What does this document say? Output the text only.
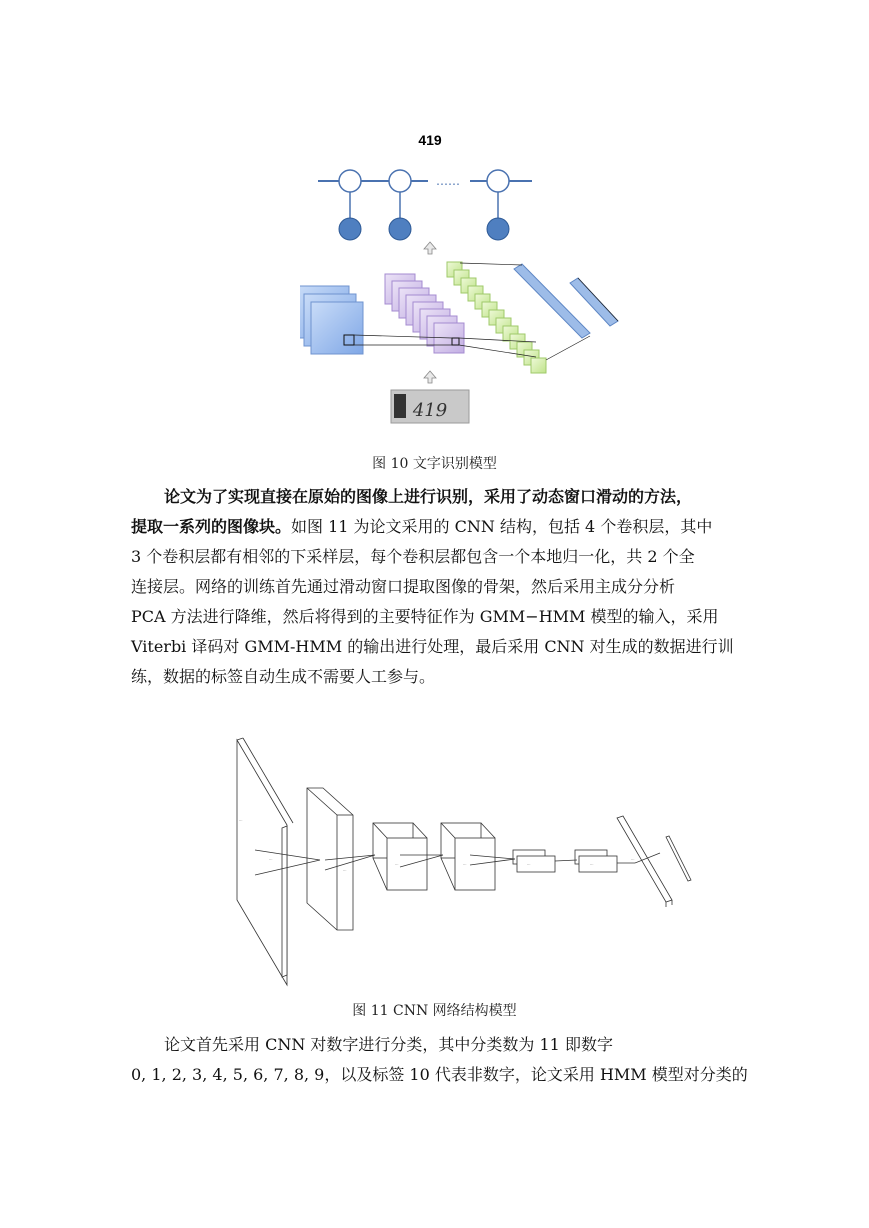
419
……
419
图 10 文字识别模型
论文为了实现直接在原始的图像上进行识别，采用了动态窗口滑动的方法，
提取一系列的图像块。如图 11 为论文采用的 CNN 结构，包括 4 个卷积层，其中
3 个卷积层都有相邻的下采样层，每个卷积层都包含一个本地归一化，共 2 个全
连接层。网络的训练首先通过滑动窗口提取图像的骨架，然后采用主成分分析
PCA 方法进行降维，然后将得到的主要特征作为 GMM−HMM 模型的输入，采用
Viterbi 译码对 GMM-HMM 的输出进行处理，最后采用 CNN 对生成的数据进行训
练，数据的标签自动生成不需要人工参与。
…
…
…
…	…	…	…
…
图 11 CNN 网络结构模型
论文首先采用 CNN 对数字进行分类，其中分类数为 11 即数字
0, 1, 2, 3, 4, 5, 6, 7, 8, 9，以及标签 10 代表非数字，论文采用 HMM 模型对分类的
